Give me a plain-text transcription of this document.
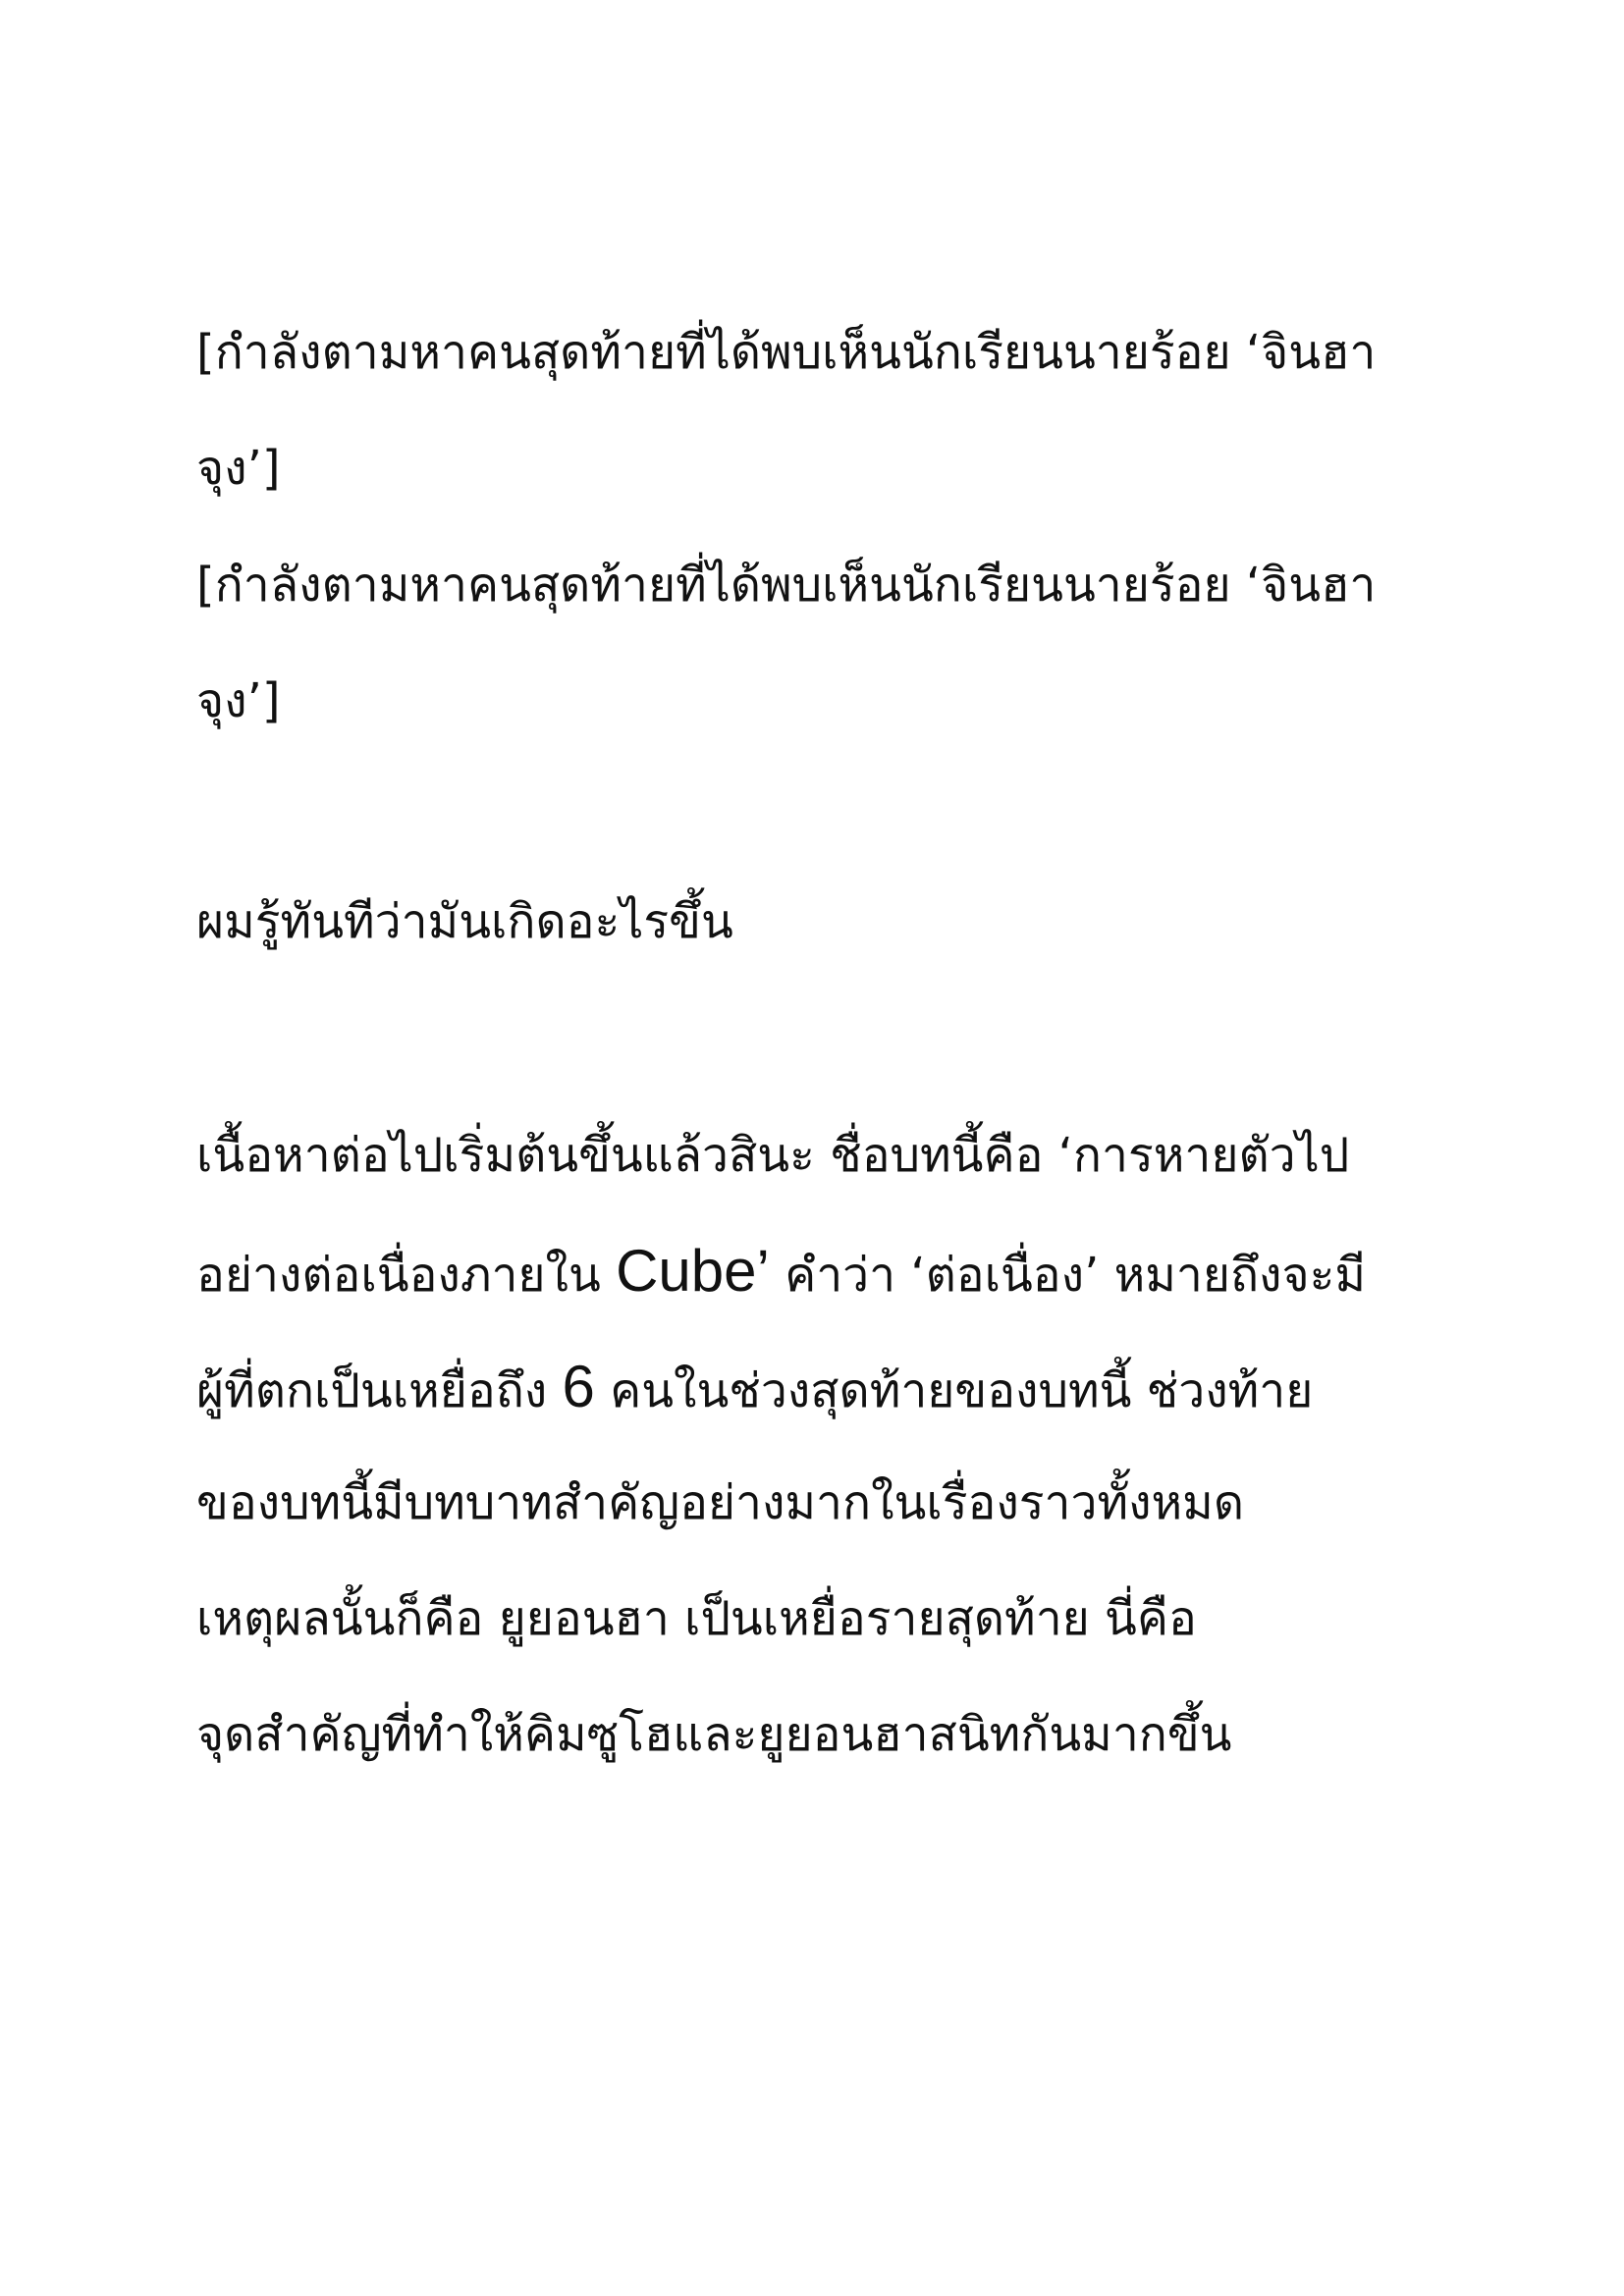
[กำลังตามหาคนสุดท้ายที่ได้พบเห็นนักเรียนนายร้อย ‘จินฮา
จุง’]
[กำลังตามหาคนสุดท้ายที่ได้พบเห็นนักเรียนนายร้อย ‘จินฮา
จุง’]
ผมรู้ทันทีว่ามันเกิดอะไรขึ้น
เนื้อหาต่อไปเริ่มต้นขึ้นแล้วสินะ ชื่อบทนี้คือ ‘การหายตัวไป
อย่างต่อเนื่องภายใน Cube’ คำว่า ‘ต่อเนื่อง’ หมายถึงจะมี
ผู้ที่ตกเป็นเหยื่อถึง 6 คนในช่วงสุดท้ายของบทนี้ ช่วงท้าย
ของบทนี้มีบทบาทสำคัญอย่างมากในเรื่องราวทั้งหมด
เหตุผลนั้นก็คือ ยูยอนฮา เป็นเหยื่อรายสุดท้าย นี่คือ
จุดสำคัญที่ทำให้คิมซูโฮและยูยอนฮาสนิทกันมากขึ้น
